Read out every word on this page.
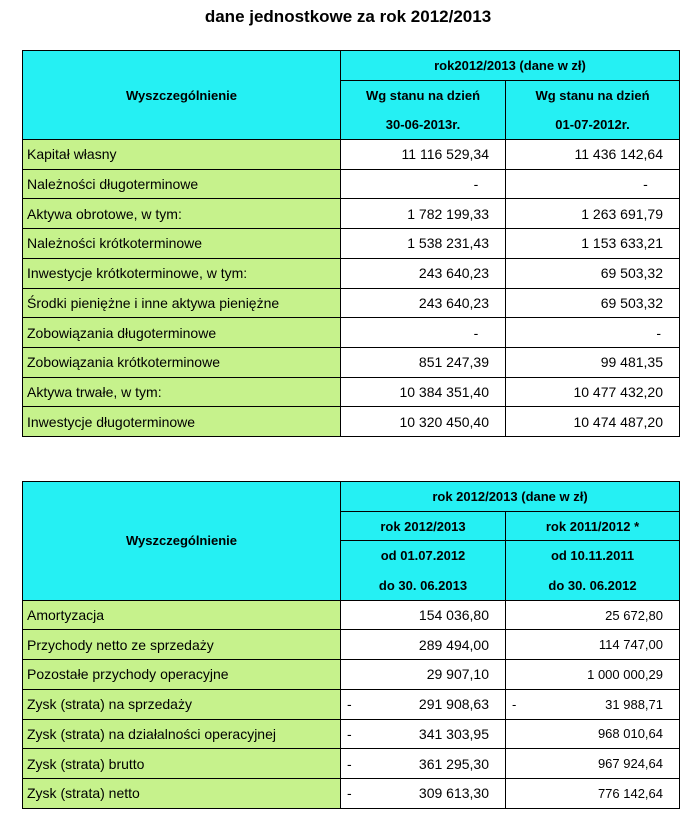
dane jednostkowe za rok 2012/2013
Wyszczególnienie	rok2012/2013 (dane w zł)	
	Wg stanu na dzień	Wg stanu na dzień
	30-06-2013r.	01-07-2012r.
Kapitał własny	11 116 529,34	11 436 142,64
Należności długoterminowe	-	-
Aktywa obrotowe, w tym:	1 782 199,33	1 263 691,79
Należności krótkoterminowe	1 538 231,43	1 153 633,21
Inwestycje krótkoterminowe, w tym:	243 640,23	69 503,32
Środki pieniężne i inne aktywa pieniężne	243 640,23	69 503,32
Zobowiązania długoterminowe	-	-
Zobowiązania krótkoterminowe	851 247,39	99 481,35
Aktywa trwałe, w tym:	10 384 351,40	10 477 432,20
Inwestycje długoterminowe	10 320 450,40	10 474 487,20
Wyszczególnienie	rok 2012/2013 (dane w zł)	
	rok 2012/2013	rok 2011/2012 *
	od 01.07.2012	od 10.11.2011
	do 30. 06.2013	do 30. 06.2012
Amortyzacja	154 036,80	25 672,80
Przychody netto ze sprzedaży	289 494,00	114 747,00
Pozostałe przychody operacyjne	29 907,10	1 000 000,29
Zysk (strata) na sprzedaży	- 291 908,63	- 31 988,71
Zysk (strata) na działalności operacyjnej	- 341 303,95	968 010,64
Zysk (strata) brutto	- 361 295,30	967 924,64
Zysk (strata) netto	- 309 613,30	776 142,64
